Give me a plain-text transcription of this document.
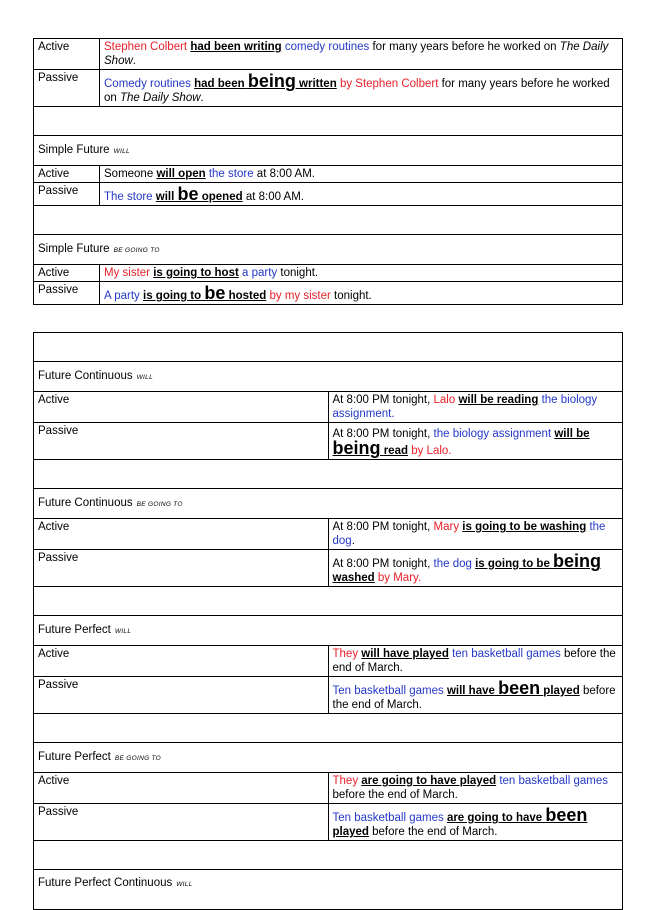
Active	Stephen Colbert had been writing comedy routines for many years before he worked on The Daily Show.
Passive	Comedy routines had been being written by Stephen Colbert for many years before he worked on The Daily Show.

Simple Future WILL	
Active	Someone will open the store at 8:00 AM.
Passive	The store will be opened at 8:00 AM.

Simple Future BE GOING TO	
Active	My sister is going to host a party tonight.
Passive	A party is going to be hosted by my sister tonight.

Future Continuous WILL	
Active	At 8:00 PM tonight, Lalo will be reading the biology assignment.
Passive	At 8:00 PM tonight, the biology assignment will be being read by Lalo.

Future Continuous BE GOING TO	
Active	At 8:00 PM tonight, Mary is going to be washing the dog.
Passive	At 8:00 PM tonight, the dog is going to be being washed by Mary.

Future Perfect WILL	
Active	They will have played ten basketball games before the end of March.
Passive	Ten basketball games will have been played before the end of March.

Future Perfect BE GOING TO	
Active	They are going to have played ten basketball games before the end of March.
Passive	Ten basketball games are going to have been played before the end of March.

Future Perfect Continuous WILL	
